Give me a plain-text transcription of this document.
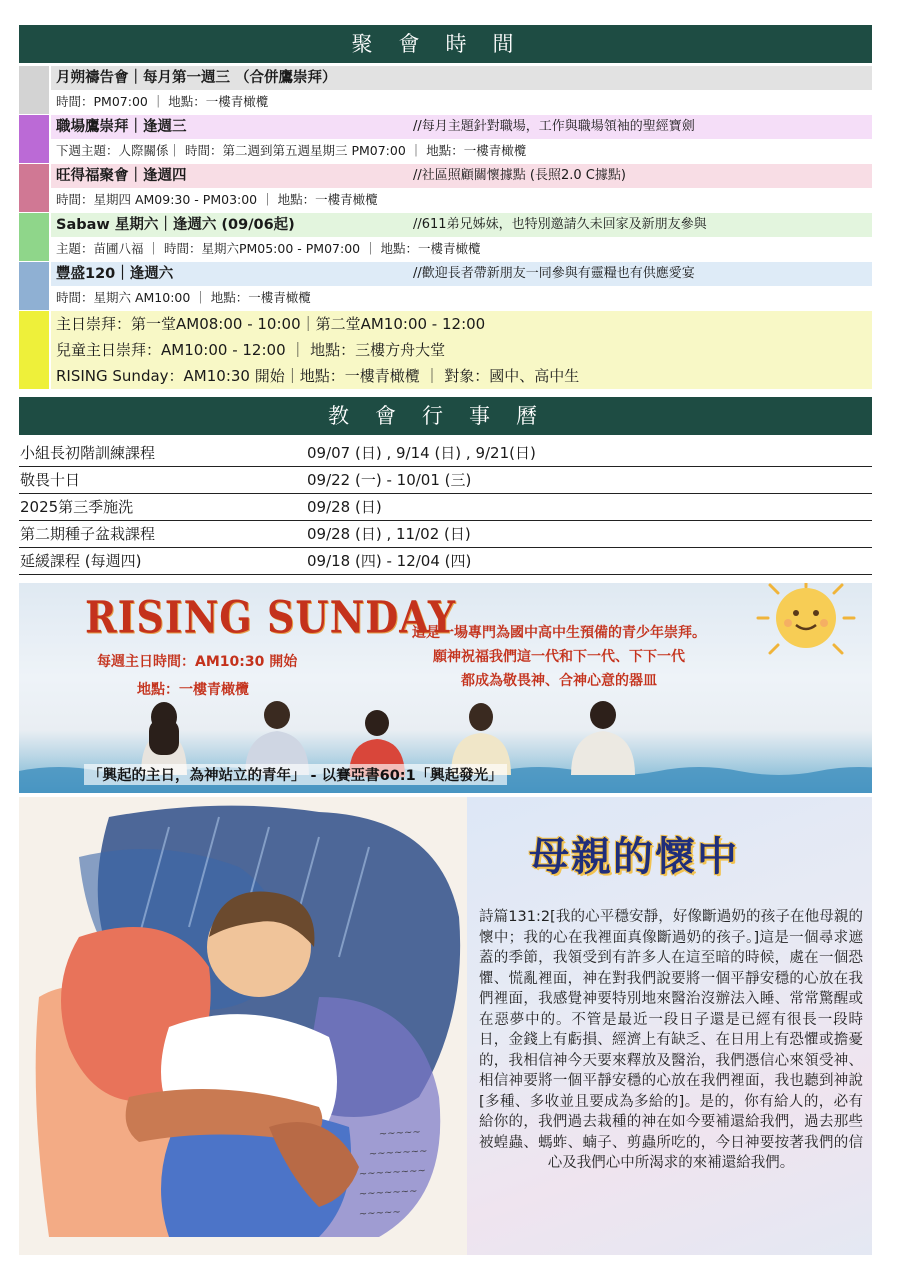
聚會時間
月朔禱告會｜每月第一週三 （合併鷹崇拜）
時間：PM07:00 ｜ 地點：一樓青橄欖
職場鷹崇拜｜逢週三	//每月主題針對職場，工作與職場領袖的聖經寶劍
下週主題：人際關係｜ 時間：第二週到第五週星期三 PM07:00 ｜ 地點：一樓青橄欖
旺得福聚會｜逢週四	//社區照顧關懷據點 (長照2.0 C據點)
時間：星期四 AM09:30 - PM03:00 ｜ 地點：一樓青橄欖
Sabaw 星期六｜逢週六 (09/06起)	//611弟兄姊妹，也特別邀請久未回家及新朋友參與
主題：苗圃八福 ｜ 時間：星期六PM05:00 - PM07:00 ｜ 地點：一樓青橄欖
豐盛120｜逢週六	//歡迎長者帶新朋友一同參與有靈糧也有供應愛宴
時間：星期六 AM10:00 ｜ 地點：一樓青橄欖
主日崇拜：第一堂AM08:00 - 10:00｜第二堂AM10:00 - 12:00
兒童主日崇拜：AM10:00 - 12:00 ｜ 地點：三樓方舟大堂
RISING Sunday：AM10:30 開始｜地點：一樓青橄欖 ｜ 對象：國中、高中生
教會行事曆
小組長初階訓練課程	09/07 (日) , 9/14 (日) , 9/21(日)
敬畏十日	09/22 (一) - 10/01 (三)
2025第三季施洗	09/28 (日)
第二期種子盆栽課程	09/28 (日) , 11/02 (日)
延緩課程 (每週四)	09/18 (四) - 12/04 (四)
RISING SUNDAY
每週主日時間：AM10:30 開始
地點：一樓青橄欖
這是一場專門為國中高中生預備的青少年崇拜。
願神祝福我們這一代和下一代、下下一代
都成為敬畏神、合神心意的器皿
「興起的主日，為神站立的青年」 - 以賽亞書60:1「興起發光」
~~~~~
~~~~~~~
~~~~~~~~
~~~~~~~
~~~~~
母親的懷中
詩篇131:2[我的心平穩安靜，好像斷過奶的孩子在他母親的懷中；我的心在我裡面真像斷過奶的孩子。]這是一個尋求遮蓋的季節，我領受到有許多人在這至暗的時候，處在一個恐懼、慌亂裡面，神在對我們說要將一個平靜安穩的心放在我們裡面，我感覺神要特別地來醫治沒辦法入睡、常常驚醒或在惡夢中的。不管是最近一段日子還是已經有很長一段時日，金錢上有虧損、經濟上有缺乏、在日用上有恐懼或擔憂的，我相信神今天要來釋放及醫治，我們憑信心來領受神、相信神要將一個平靜安穩的心放在我們裡面，我也聽到神說[多種、多收並且要成為多給的]。是的，你有給人的，必有給你的，我們過去栽種的神在如今要補還給我們，過去那些被蝗蟲、螞蚱、蝻子、剪蟲所吃的，今日神要按著我們的信心及我們心中所渴求的來補還給我們。
